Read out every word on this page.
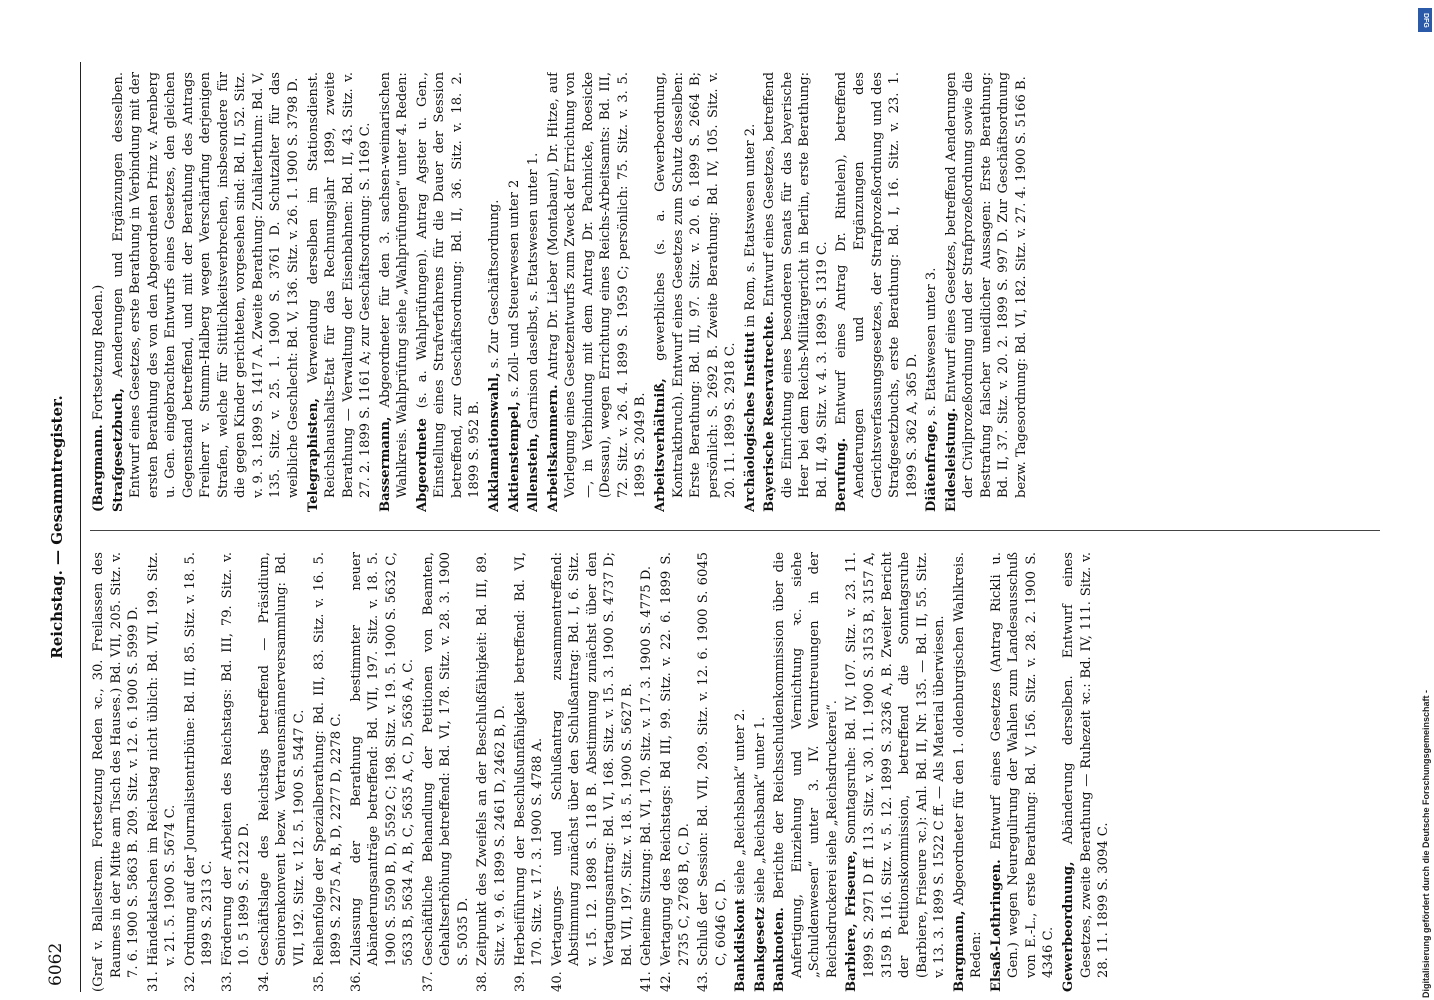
6062
Reichstag. — Gesammtregister.
(Graf v. Ballestrem. Fortsetzung Reden ꝛc., 30. Freilassen des Raumes in der Mitte am Tisch des Hauses.) Bd. VII, 205. Sitz. v. 7. 6. 1900 S. 5863 B. 209. Sitz. v. 12. 6. 1900 S. 5999 D.
31.Händeklatschen im Reichstag nicht üblich: Bd. VII, 199. Sitz. v. 21. 5. 1900 S. 5674 C.
32.Ordnung auf der Journalistentribüne: Bd. III, 85. Sitz. v. 18. 5. 1899 S. 2313 C.
33.Förderung der Arbeiten des Reichstags: Bd. III, 79. Sitz. v. 10. 5 1899 S. 2122 D.
34.Geschäftslage des Reichstags betreffend — Präsidium, Seniorenkonvent bezw. Vertrauensmännerversammlung: Bd. VII, 192. Sitz. v. 12. 5. 1900 S. 5447 C.
35.Reihenfolge der Spezialberathung: Bd. III, 83. Sitz. v. 16. 5. 1899 S. 2275 A, B, D, 2277 D, 2278 C.
36.Zulassung der Berathung bestimmter neuer Abänderungsanträge betreffend: Bd. VII, 197. Sitz. v. 18. 5. 1900 S. 5590 B, D, 5592 C; 198. Sitz. v. 19. 5. 1900 S. 5632 C, 5633 B, 5634 A, B, C, 5635 A, C, D, 5636 A, C.
37.Geschäftliche Behandlung der Petitionen von Beamten, Gehaltserhöhung betreffend: Bd. VI, 178. Sitz. v. 28. 3. 1900 S. 5035 D.
38.Zeitpunkt des Zweifels an der Beschlußfähigkeit: Bd. III, 89. Sitz. v. 9. 6. 1899 S. 2461 D, 2462 B, D.
39.Herbeiführung der Beschlußunfähigkeit betreffend: Bd. VI, 170. Sitz. v. 17. 3. 1900 S. 4788 A.
40.Vertagungs- und Schlußantrag zusammentreffend: Abstimmung zunächst über den Schlußantrag: Bd. I, 6. Sitz. v. 15. 12. 1898 S. 118 B. Abstimmung zunächst über den Vertagungsantrag: Bd. VI, 168. Sitz. v. 15. 3. 1900 S. 4737 D; Bd. VII, 197. Sitz. v. 18. 5. 1900 S. 5627 B.
41.Geheime Sitzung: Bd. VI, 170. Sitz. v. 17. 3. 1900 S. 4775 D.
42.Vertagung des Reichstags: Bd III, 99. Sitz. v. 22. 6. 1899 S. 2735 C, 2768 B, C, D.
43.Schluß der Session: Bd. VII, 209. Sitz. v. 12. 6. 1900 S. 6045 C, 6046 C, D. Bankdiskont siehe „Reichsbank“ unter 2.
Bankgesetz siehe „Reichsbank“ unter 1.
Banknoten. Berichte der Reichsschuldenkommission über die Anfertigung, Einziehung und Vernichtung ꝛc. siehe „Schuldenwesen“ unter 3. IV. Veruntreuungen in der Reichsdruckerei siehe „Reichsdruckerei“. Barbiere, Friseure, Sonntagsruhe: Bd. IV, 107. Sitz. v. 23. 11. 1899 S. 2971 D ff. 113. Sitz. v. 30. 11. 1900 S. 3153 B, 3157 A, 3159 B. 116. Sitz. v. 5. 12. 1899 S. 3236 A, B. Zweiter Bericht der Petitionskommission, betreffend die Sonntagsruhe (Barbiere, Friseure ꝛc.): Anl. Bd. II, Nr. 135. — Bd. II, 55. Sitz. v. 13. 3. 1899 S. 1522 C ff. — Als Material überwiesen. Bargmann, Abgeordneter für den 1. oldenburgischen Wahlkreis. Reden: Elsaß-Lothringen. Entwurf eines Gesetzes (Antrag Rickli u. Gen.) wegen Neuregulirung der Wahlen zum Landesausschuß von E.-L., erste Berathung: Bd. V, 156. Sitz. v. 28. 2. 1900 S. 4346 C. Gewerbeordnung, Abänderung derselben. Entwurf eines Gesetzes, zweite Berathung — Ruhezeit ꝛc.: Bd. IV, 111. Sitz. v. 28. 11. 1899 S. 3094 C.
(Bargmann. Fortsetzung Reden.)
Strafgesetzbuch, Aenderungen und Ergänzungen desselben. Entwurf eines Gesetzes, erste Berathung in Verbindung mit der ersten Berathung des von den Abgeordneten Prinz v. Arenberg u. Gen. eingebrachten Entwurfs eines Gesetzes, den gleichen Gegenstand betreffend, und mit der Berathung des Antrags Freiherr v. Stumm-Halberg wegen Verschärfung derjenigen Strafen, welche für Sittlichkeitsverbrechen, insbesondere für die gegen Kinder gerichteten, vorgesehen sind: Bd. II, 52. Sitz. v. 9. 3. 1899 S. 1417 A. Zweite Berathung: Zuhälterthum: Bd. V, 135. Sitz. v. 25. 1. 1900 S. 3761 D. Schutzalter für das weibliche Geschlecht: Bd. V, 136. Sitz. v. 26. 1. 1900 S. 3798 D. Telegraphisten, Verwendung derselben im Stationsdienst. Reichshaushalts-Etat für das Rechnungsjahr 1899, zweite Berathung — Verwaltung der Eisenbahnen: Bd. II, 43. Sitz. v. 27. 2. 1899 S. 1161 A; zur Geschäftsordnung: S. 1169 C. Bassermann, Abgeordneter für den 3. sachsen-weimarischen Wahlkreis. Wahlprüfung siehe „Wahlprüfungen“ unter 4. Reden: Abgeordnete (s. a. Wahlprüfungen). Antrag Agster u. Gen., Einstellung eines Strafverfahrens für die Dauer der Session betreffend, zur Geschäftsordnung: Bd. II, 36. Sitz. v. 18. 2. 1899 S. 952 B. Akklamationswahl, s. Zur Geschäftsordnung.
Aktienstempel, s. Zoll- und Steuerwesen unter 2
Allenstein, Garnison daselbst, s. Etatswesen unter 1.
Arbeitskammern. Antrag Dr. Lieber (Montabaur), Dr. Hitze, auf Vorlegung eines Gesetzentwurfs zum Zweck der Errichtung von —, in Verbindung mit dem Antrag Dr. Pachnicke, Roesicke (Dessau), wegen Errichtung eines Reichs-Arbeitsamts: Bd. III, 72. Sitz. v. 26. 4. 1899 S. 1959 C; persönlich: 75. Sitz. v. 3. 5. 1899 S. 2049 B. Arbeitsverhältniß, gewerbliches (s. a. Gewerbeordnung, Kontraktbruch). Entwurf eines Gesetzes zum Schutz desselben: Erste Berathung: Bd. III, 97. Sitz. v. 20. 6. 1899 S. 2664 B; persönlich: S. 2692 B. Zweite Berathung: Bd. IV, 105. Sitz. v. 20. 11. 1899 S. 2918 C. Archäologisches Institut in Rom, s. Etatswesen unter 2.
Bayerische Reservatrechte. Entwurf eines Gesetzes, betreffend die Einrichtung eines besonderen Senats für das bayerische Heer bei dem Reichs-Militärgericht in Berlin, erste Berathung: Bd. II, 49. Sitz. v. 4. 3. 1899 S. 1319 C. Berufung. Entwurf eines Antrag Dr. Rintelen), betreffend Aenderungen und Ergänzungen des Gerichtsverfassungsgesetzes, der Strafprozeßordnung und des Strafgesetzbuchs, erste Berathung: Bd. I, 16. Sitz. v. 23. 1. 1899 S. 362 A, 365 D. Diätenfrage, s. Etatswesen unter 3.
Eidesleistung. Entwurf eines Gesetzes, betreffend Aenderungen der Civilprozeßordnung und der Strafprozeßordnung sowie die Bestrafung falscher uneidlicher Aussagen: Erste Berathung: Bd. II, 37. Sitz. v. 20. 2. 1899 S. 997 D. Zur Geschäftsordnung bezw. Tagesordnung: Bd. VI, 182. Sitz. v. 27. 4. 1900 S. 5166 B.
Digitalisierung gefördert durch die Deutsche Forschungsgemeinschaft -
DFG
